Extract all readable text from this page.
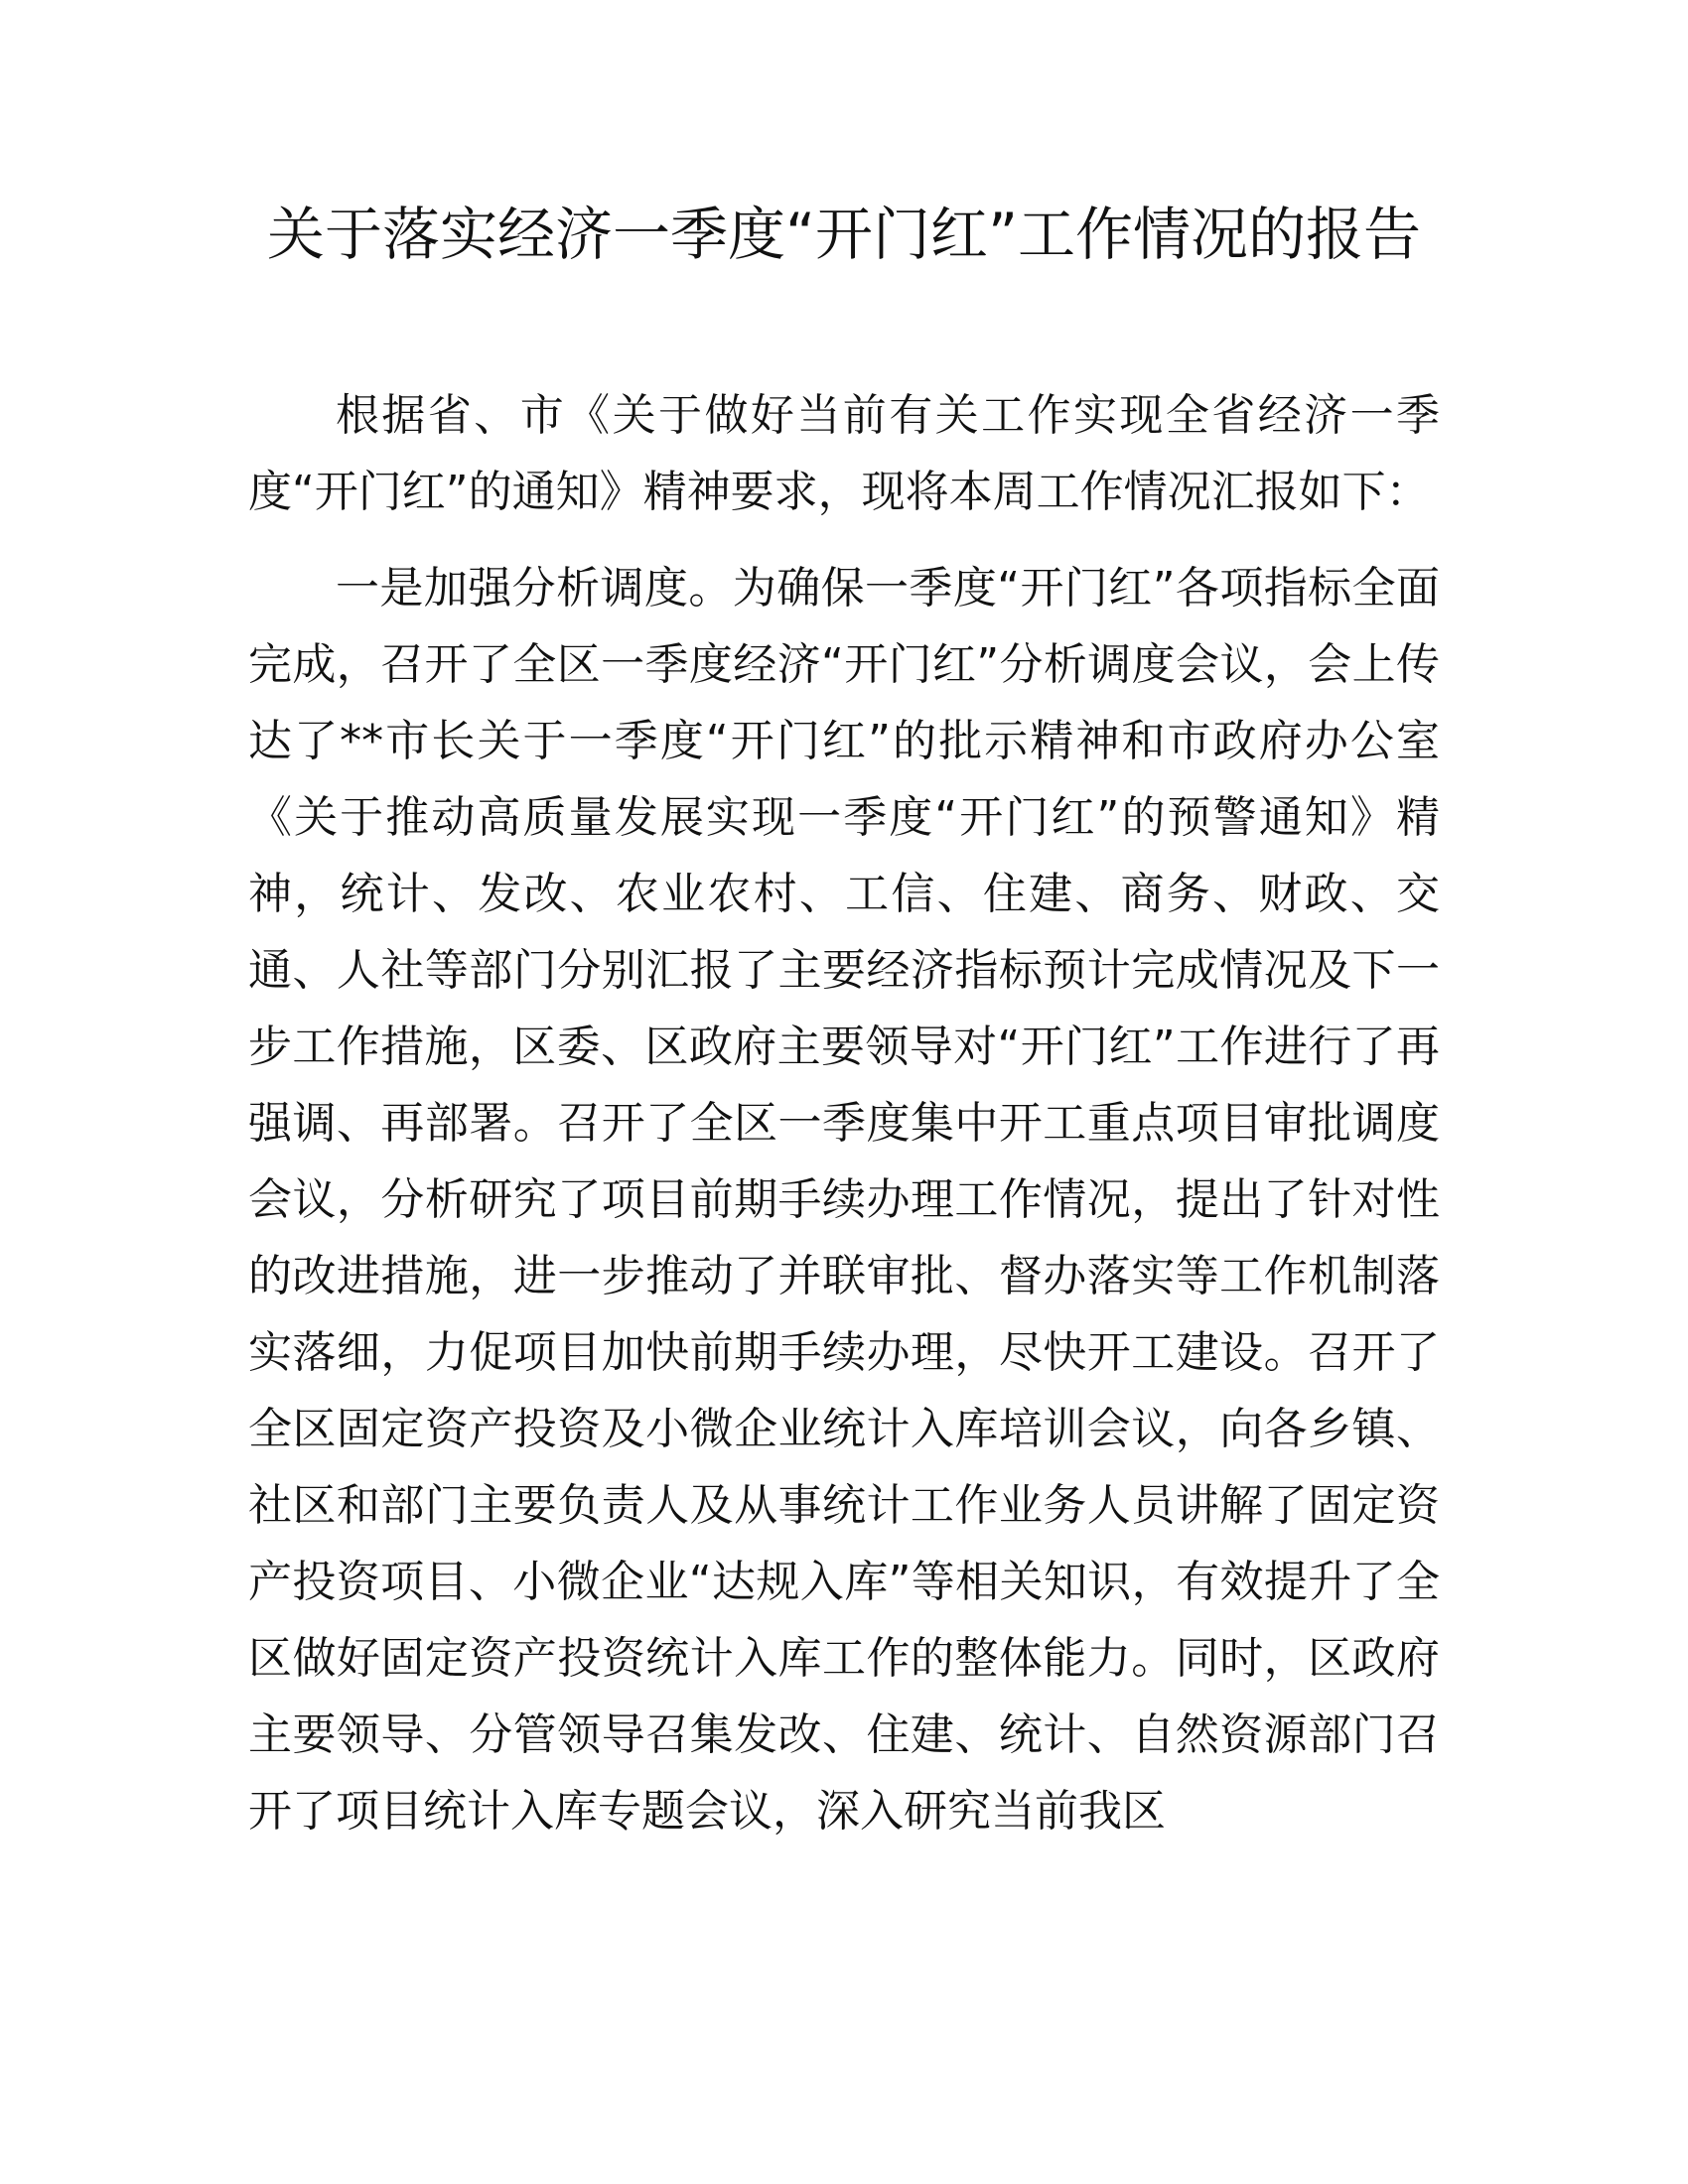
关于落实经济一季度“开门红”工作情况的报告

根据省、市《关于做好当前有关工作实现全省经济一季度“开门红”的通知》精神要求，现将本周工作情况汇报如下：

一是加强分析调度。为确保一季度“开门红”各项指标全面完成，召开了全区一季度经济“开门红”分析调度会议，会上传达了**市长关于一季度“开门红”的批示精神和市政府办公室《关于推动高质量发展实现一季度“开门红”的预警通知》精神，统计、发改、农业农村、工信、住建、商务、财政、交通、人社等部门分别汇报了主要经济指标预计完成情况及下一步工作措施，区委、区政府主要领导对“开门红”工作进行了再强调、再部署。召开了全区一季度集中开工重点项目审批调度会议，分析研究了项目前期手续办理工作情况，提出了针对性的改进措施，进一步推动了并联审批、督办落实等工作机制落实落细，力促项目加快前期手续办理，尽快开工建设。召开了全区固定资产投资及小微企业统计入库培训会议，向各乡镇、社区和部门主要负责人及从事统计工作业务人员讲解了固定资产投资项目、小微企业“达规入库”等相关知识，有效提升了全区做好固定资产投资统计入库工作的整体能力。同时，区政府主要领导、分管领导召集发改、住建、统计、自然资源部门召开了项目统计入库专题会议，深入研究当前我区
